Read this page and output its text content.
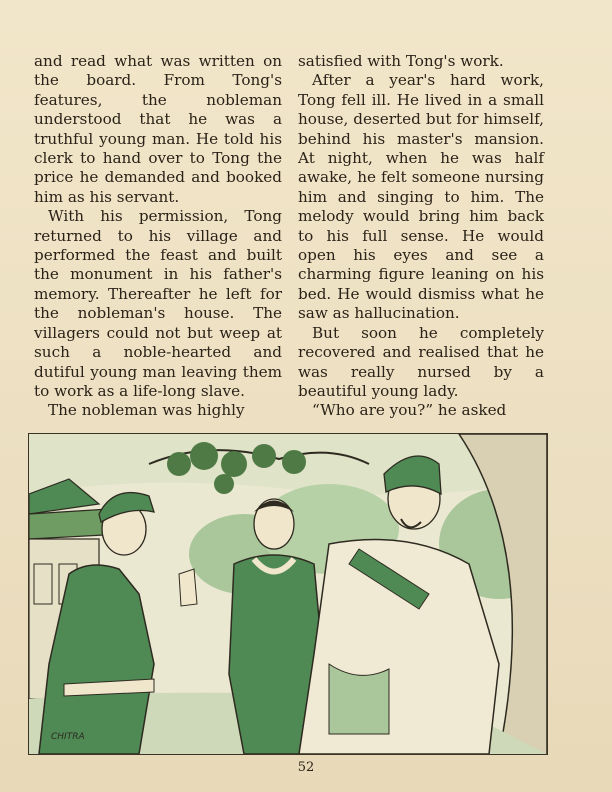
and read what was written on the board. From Tong's features, the nobleman understood that he was a truthful young man. He told his clerk to hand over to Tong the price he demanded and booked him as his servant.

With his permission, Tong returned to his village and performed the feast and built the monument in his father's memory. Thereafter he left for the nobleman's house. The villagers could not but weep at such a noble-hearted and dutiful young man leaving them to work as a life-long slave.

The nobleman was highly

satisfied with Tong's work.

After a year's hard work, Tong fell ill. He lived in a small house, deserted but for himself, behind his master's mansion. At night, when he was half awake, he felt someone nursing him and singing to him. The melody would bring him back to his full sense. He would open his eyes and see a charming figure leaning on his bed. He would dismiss what he saw as hallucination.

But soon he completely recovered and realised that he was really nursed by a beautiful young lady.

“Who are you?” he asked

CHITRA
52
